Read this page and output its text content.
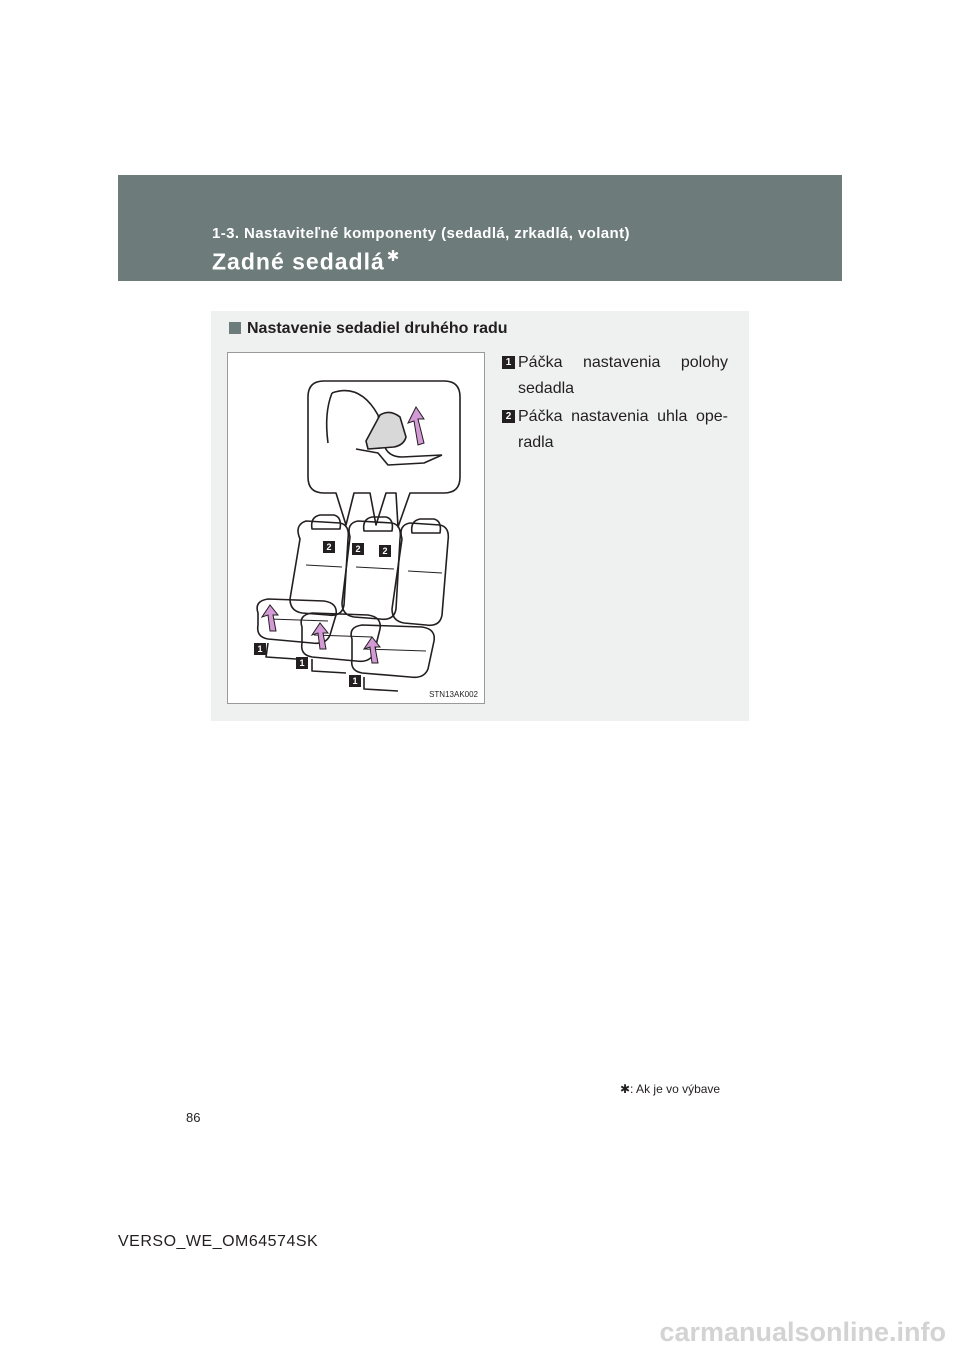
1-3. Nastaviteľné komponenty (sedadlá, zrkadlá, volant)

Zadné sedadlá ✱

Nastavenie sedadiel druhého radu

2	2	2
1
1
1
STN13AK002

1 Páčka nastavenia polohy sedadla

2 Páčka nastavenia uhla ope-radla

✱: Ak je vo výbave
86
VERSO_WE_OM64574SK
carmanualsonline.info
